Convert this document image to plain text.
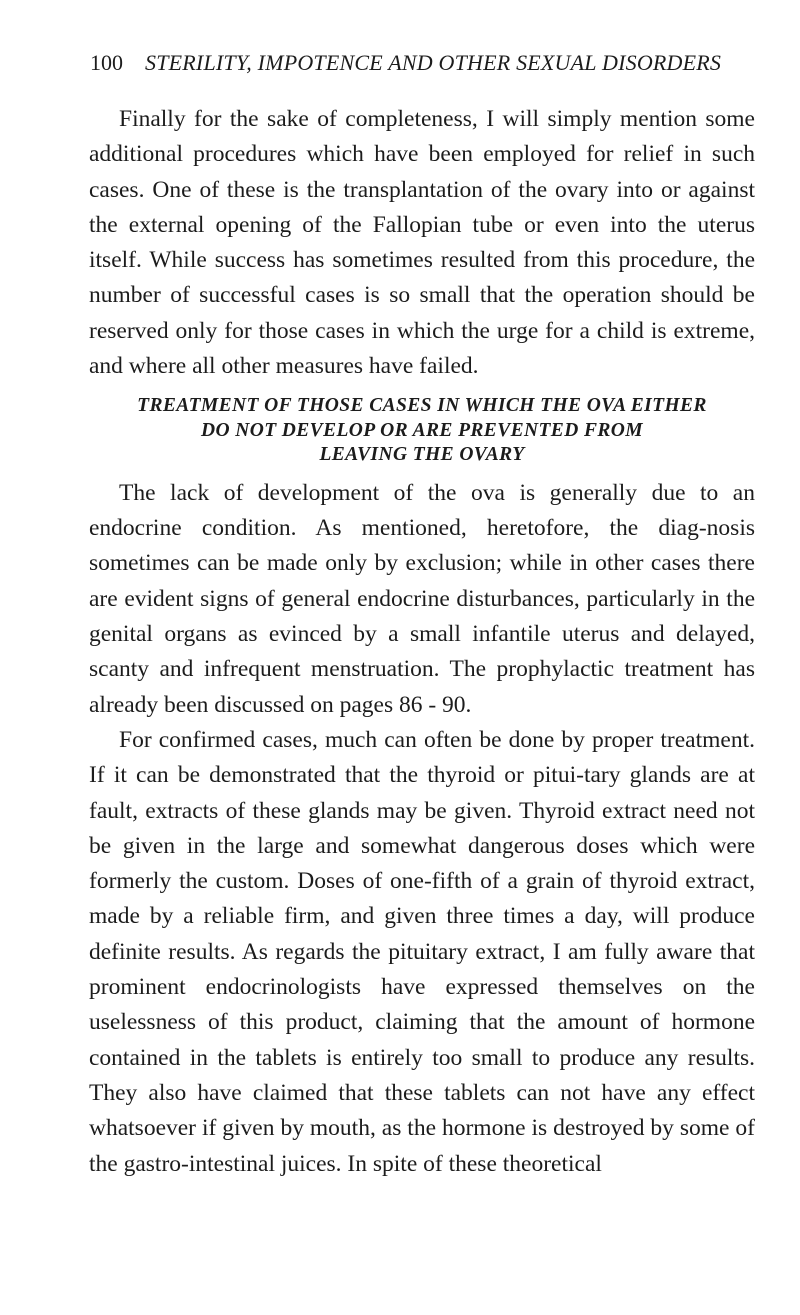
100 STERILITY, IMPOTENCE AND OTHER SEXUAL DISORDERS

Finally for the sake of completeness, I will simply mention some additional procedures which have been employed for relief in such cases. One of these is the transplantation of the ovary into or against the external opening of the Fallopian tube or even into the uterus itself. While success has sometimes resulted from this procedure, the number of successful cases is so small that the operation should be reserved only for those cases in which the urge for a child is extreme, and where all other measures have failed.

TREATMENT OF THOSE CASES IN WHICH THE OVA EITHER
DO NOT DEVELOP OR ARE PREVENTED FROM
LEAVING THE OVARY

The lack of development of the ova is generally due to an endocrine condition. As mentioned, heretofore, the diag-nosis sometimes can be made only by exclusion; while in other cases there are evident signs of general endocrine disturbances, particularly in the genital organs as evinced by a small infantile uterus and delayed, scanty and infrequent menstruation. The prophylactic treatment has already been discussed on pages 86 - 90.

For confirmed cases, much can often be done by proper treatment. If it can be demonstrated that the thyroid or pitui-tary glands are at fault, extracts of these glands may be given. Thyroid extract need not be given in the large and somewhat dangerous doses which were formerly the custom. Doses of one-fifth of a grain of thyroid extract, made by a reliable firm, and given three times a day, will produce definite results. As regards the pituitary extract, I am fully aware that prominent endocrinologists have expressed themselves on the uselessness of this product, claiming that the amount of hormone contained in the tablets is entirely too small to produce any results. They also have claimed that these tablets can not have any effect whatsoever if given by mouth, as the hormone is destroyed by some of the gastro-intestinal juices. In spite of these theoretical
